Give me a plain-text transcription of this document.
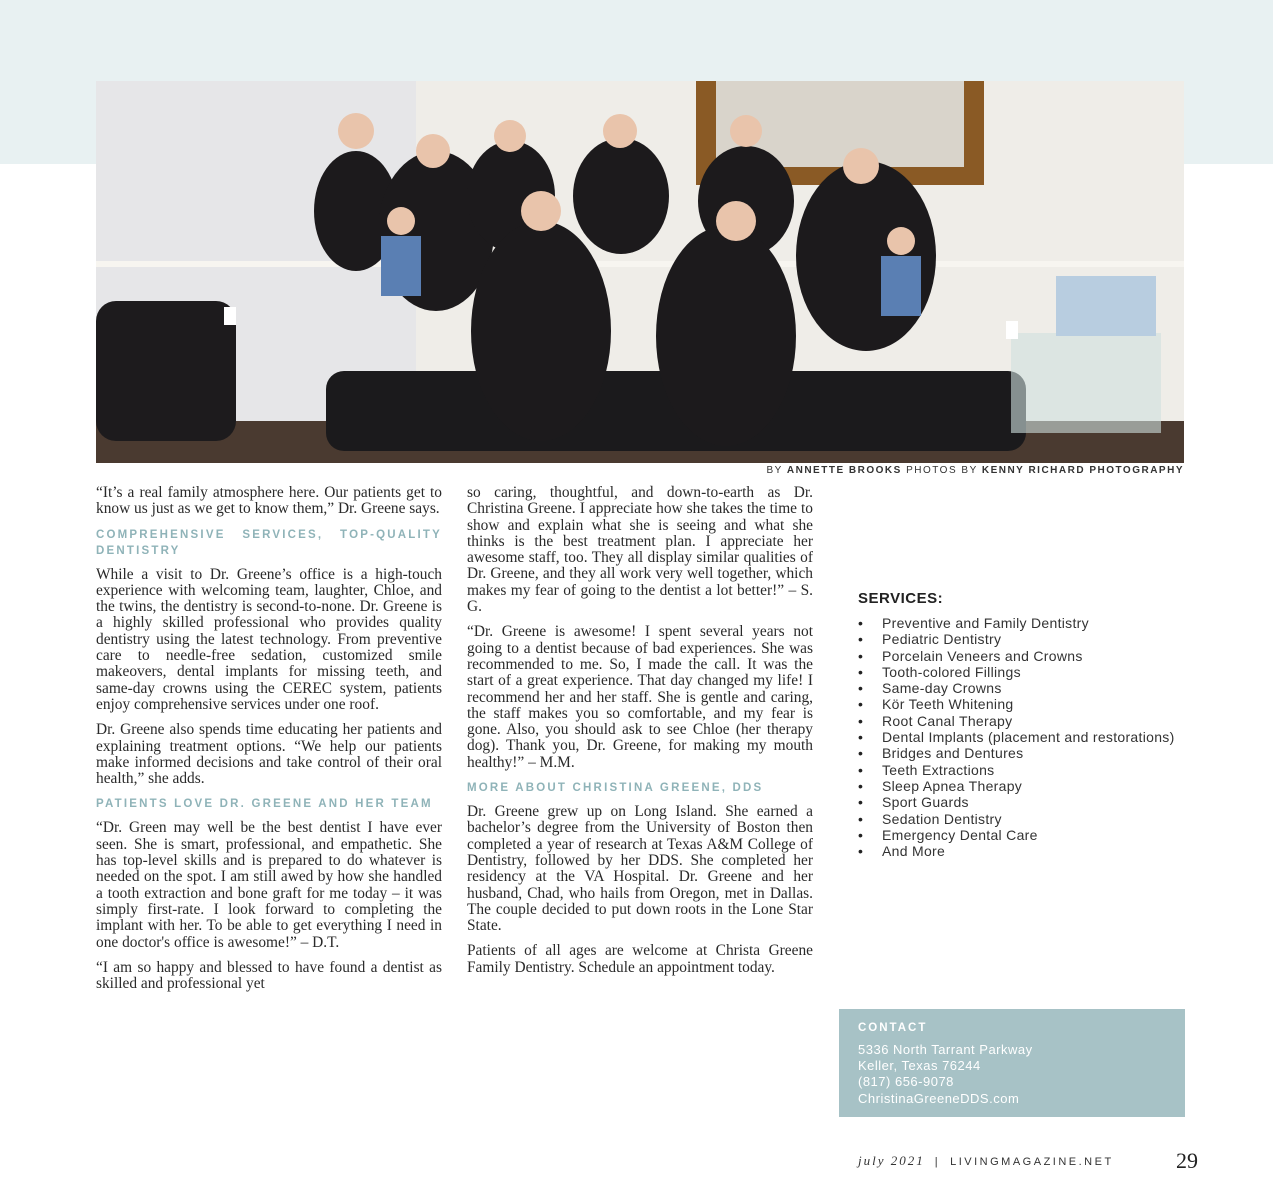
BY ANNETTE BROOKS PHOTOS BY KENNY RICHARD PHOTOGRAPHY

“It’s a real family atmosphere here. Our patients get to know us just as we get to know them,” Dr. Greene says.

COMPREHENSIVE SERVICES, TOP-QUALITY DENTISTRY

While a visit to Dr. Greene’s office is a high-touch experience with welcoming team, laughter, Chloe, and the twins, the dentistry is second-to-none. Dr. Greene is a highly skilled professional who provides quality dentistry using the latest technology. From preventive care to needle-free sedation, customized smile makeovers, dental implants for missing teeth, and same-day crowns using the CEREC system, patients enjoy comprehensive services under one roof.

Dr. Greene also spends time educating her patients and explaining treatment options. “We help our patients make informed decisions and take control of their oral health,” she adds.

PATIENTS LOVE DR. GREENE AND HER TEAM

“Dr. Green may well be the best dentist I have ever seen. She is smart, professional, and empathetic. She has top-level skills and is prepared to do whatever is needed on the spot. I am still awed by how she handled a tooth extraction and bone graft for me today – it was simply first-rate. I look forward to completing the implant with her. To be able to get everything I need in one doctor's office is awesome!” – D.T.

“I am so happy and blessed to have found a dentist as skilled and professional yet

so caring, thoughtful, and down-to-earth as Dr. Christina Greene. I appreciate how she takes the time to show and explain what she is seeing and what she thinks is the best treatment plan. I appreciate her awesome staff, too. They all display similar qualities of Dr. Greene, and they all work very well together, which makes my fear of going to the dentist a lot better!” – S. G.

“Dr. Greene is awesome! I spent several years not going to a dentist because of bad experiences. She was recommended to me. So, I made the call. It was the start of a great experience. That day changed my life! I recommend her and her staff. She is gentle and caring, the staff makes you so comfortable, and my fear is gone. Also, you should ask to see Chloe (her therapy dog). Thank you, Dr. Greene, for making my mouth healthy!” – M.M.

MORE ABOUT CHRISTINA GREENE, DDS

Dr. Greene grew up on Long Island. She earned a bachelor’s degree from the University of Boston then completed a year of research at Texas A&M College of Dentistry, followed by her DDS. She completed her residency at the VA Hospital. Dr. Greene and her husband, Chad, who hails from Oregon, met in Dallas. The couple decided to put down roots in the Lone Star State.

Patients of all ages are welcome at Christa Greene Family Dentistry. Schedule an appointment today.

SERVICES:
• Preventive and Family Dentistry
• Pediatric Dentistry
• Porcelain Veneers and Crowns
• Tooth-colored Fillings
• Same-day Crowns
• Kör Teeth Whitening
• Root Canal Therapy
• Dental Implants (placement and restorations)
• Bridges and Dentures
• Teeth Extractions
• Sleep Apnea Therapy
• Sport Guards
• Sedation Dentistry
• Emergency Dental Care
• And More
CONTACT
5336 North Tarrant Parkway
Keller, Texas 76244
(817) 656-9078
ChristinaGreeneDDS.com
july 2021 | LIVINGMAGAZINE.NET	29
